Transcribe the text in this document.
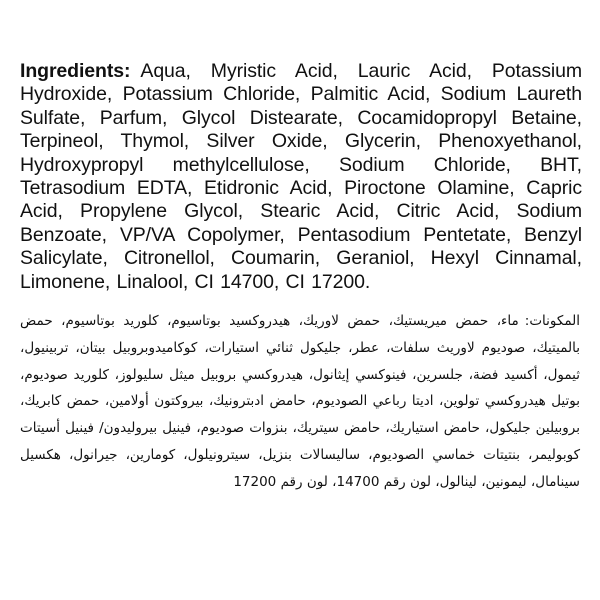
Ingredients: Aqua, Myristic Acid, Lauric Acid, Potassium Hydroxide, Potassium Chloride, Palmitic Acid, Sodium Laureth Sulfate, Parfum, Glycol Distearate, Cocamidopropyl Betaine, Terpineol, Thymol, Silver Oxide, Glycerin, Phenoxyethanol, Hydroxypropyl methylcellulose, Sodium Chloride, BHT, Tetrasodium EDTA, Etidronic Acid, Piroctone Olamine, Capric Acid, Propylene Glycol, Stearic Acid, Citric Acid, Sodium Benzoate, VP/VA Copolymer, Pentasodium Pentetate, Benzyl Salicylate, Citronellol, Coumarin, Geraniol, Hexyl Cinnamal, Limonene, Linalool, CI 14700, CI 17200.

المكونات:ماء، حمض ميريستيك، حمض لاوريك، هيدروكسيد بوتاسيوم، كلوريد بوتاسيوم، حمض بالميتيك، صوديوم لاوريث سلفات، عطر، جليكول ثنائي استيارات، كوكاميدوبروبيل بيتان، تربينيول، ثيمول، أكسيد فضة، جلسرين، فينوكسي إيثانول، هيدروكسي بروبيل ميثل سليولوز، كلوريد صوديوم، بوتيل هيدروكسي تولوين، اديتا رباعي الصوديوم، حامض ادبترونيك، بيروكتون أولامين، حمض كابريك، بروبيلين جليكول، حامض استياريك، حامض سيتريك، بنزوات صوديوم، فينيل بيروليدون/ فينيل أسيتات كوبوليمر، بنتيتات خماسي الصوديوم، ساليسالات بنزيل، سيترونيلول، كومارين، جيرانول، هكسيل سينامال، ليمونين، لينالول، لون رقم 14700، لون رقم 17200
